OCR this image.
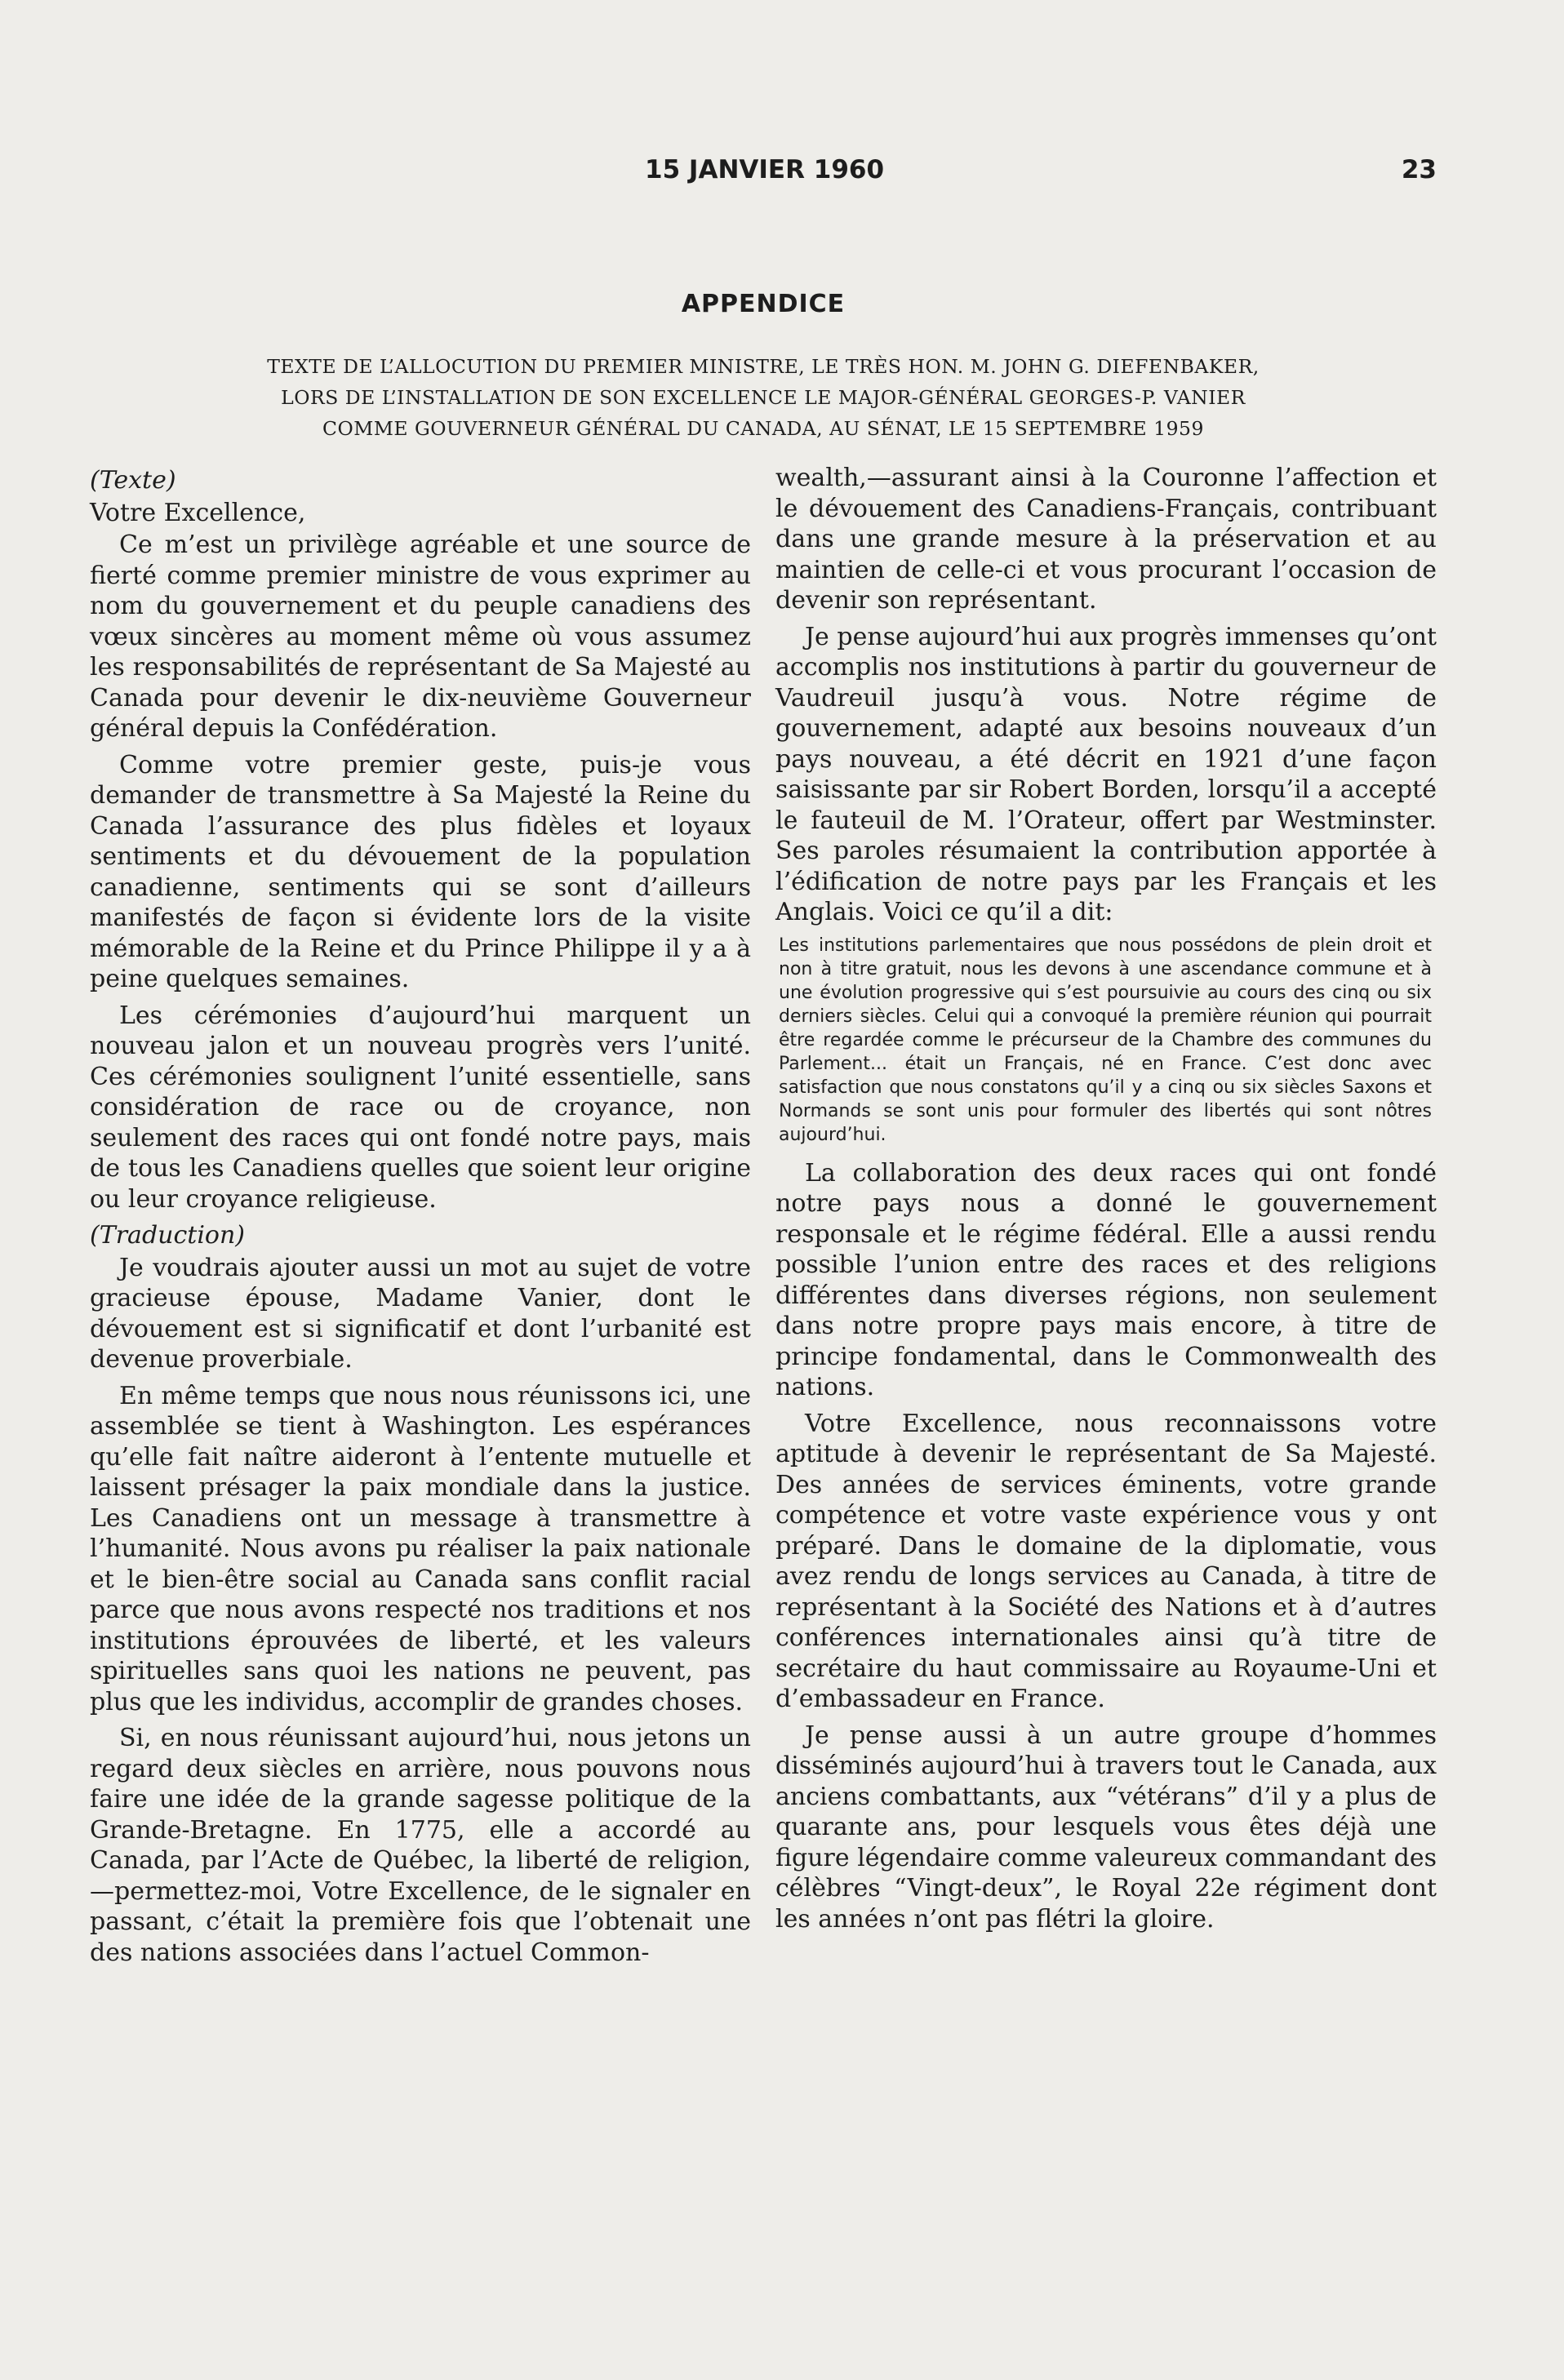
15 JANVIER 1960	23
APPENDICE
TEXTE DE L’ALLOCUTION DU PREMIER MINISTRE, LE TRÈS HON. M. JOHN G. DIEFENBAKER,
LORS DE L’INSTALLATION DE SON EXCELLENCE LE MAJOR-GÉNÉRAL GEORGES-P. VANIER
COMME GOUVERNEUR GÉNÉRAL DU CANADA, AU SÉNAT, LE 15 SEPTEMBRE 1959

(Texte)

Votre Excellence,

Ce m’est un privilège agréable et une source de fierté comme premier ministre de vous exprimer au nom du gouvernement et du peuple canadiens des vœux sincères au moment même où vous assumez les responsabilités de représentant de Sa Majesté au Canada pour devenir le dix-neuvième Gouverneur général depuis la Confédération.

Comme votre premier geste, puis-je vous demander de transmettre à Sa Majesté la Reine du Canada l’assurance des plus fidèles et loyaux sentiments et du dévouement de la population canadienne, sentiments qui se sont d’ailleurs manifestés de façon si évidente lors de la visite mémorable de la Reine et du Prince Philippe il y a à peine quelques semaines.

Les cérémonies d’aujourd’hui marquent un nouveau jalon et un nouveau progrès vers l’unité. Ces cérémonies soulignent l’unité essentielle, sans considération de race ou de croyance, non seulement des races qui ont fondé notre pays, mais de tous les Canadiens quelles que soient leur origine ou leur croyance religieuse.

(Traduction)

Je voudrais ajouter aussi un mot au sujet de votre gracieuse épouse, Madame Vanier, dont le dévouement est si significatif et dont l’urbanité est devenue proverbiale.

En même temps que nous nous réunissons ici, une assemblée se tient à Washington. Les espérances qu’elle fait naître aideront à l’entente mutuelle et laissent présager la paix mondiale dans la justice. Les Canadiens ont un message à transmettre à l’humanité. Nous avons pu réaliser la paix nationale et le bien-être social au Canada sans conflit racial parce que nous avons respecté nos traditions et nos institutions éprouvées de liberté, et les valeurs spirituelles sans quoi les nations ne peuvent, pas plus que les individus, accomplir de grandes choses.

Si, en nous réunissant aujourd’hui, nous jetons un regard deux siècles en arrière, nous pouvons nous faire une idée de la grande sagesse politique de la Grande-Bretagne. En 1775, elle a accordé au Canada, par l’Acte de Québec, la liberté de religion,—permettez-moi, Votre Excellence, de le signaler en passant, c’était la première fois que l’obtenait une des nations associées dans l’actuel Common-

wealth,—assurant ainsi à la Couronne l’affection et le dévouement des Canadiens-Français, contribuant dans une grande mesure à la préservation et au maintien de celle-ci et vous procurant l’occasion de devenir son représentant.

Je pense aujourd’hui aux progrès immenses qu’ont accomplis nos institutions à partir du gouverneur de Vaudreuil jusqu’à vous. Notre régime de gouvernement, adapté aux besoins nouveaux d’un pays nouveau, a été décrit en 1921 d’une façon saisissante par sir Robert Borden, lorsqu’il a accepté le fauteuil de M. l’Orateur, offert par Westminster. Ses paroles résumaient la contribution apportée à l’édification de notre pays par les Français et les Anglais. Voici ce qu’il a dit:

Les institutions parlementaires que nous possédons de plein droit et non à titre gratuit, nous les devons à une ascendance commune et à une évolution progressive qui s’est poursuivie au cours des cinq ou six derniers siècles. Celui qui a convoqué la première réunion qui pourrait être regardée comme le précurseur de la Chambre des communes du Parlement... était un Français, né en France. C’est donc avec satisfaction que nous constatons qu’il y a cinq ou six siècles Saxons et Normands se sont unis pour formuler des libertés qui sont nôtres aujourd’hui.

La collaboration des deux races qui ont fondé notre pays nous a donné le gouvernement responsale et le régime fédéral. Elle a aussi rendu possible l’union entre des races et des religions différentes dans diverses régions, non seulement dans notre propre pays mais encore, à titre de principe fondamental, dans le Commonwealth des nations.

Votre Excellence, nous reconnaissons votre aptitude à devenir le représentant de Sa Majesté. Des années de services éminents, votre grande compétence et votre vaste expérience vous y ont préparé. Dans le domaine de la diplomatie, vous avez rendu de longs services au Canada, à titre de représentant à la Société des Nations et à d’autres conférences internationales ainsi qu’à titre de secrétaire du haut commissaire au Royaume-Uni et d’embassadeur en France.

Je pense aussi à un autre groupe d’hommes disséminés aujourd’hui à travers tout le Canada, aux anciens combattants, aux “vétérans” d’il y a plus de quarante ans, pour lesquels vous êtes déjà une figure légendaire comme valeureux commandant des célèbres “Vingt-deux”, le Royal 22e régiment dont les années n’ont pas flétri la gloire.
